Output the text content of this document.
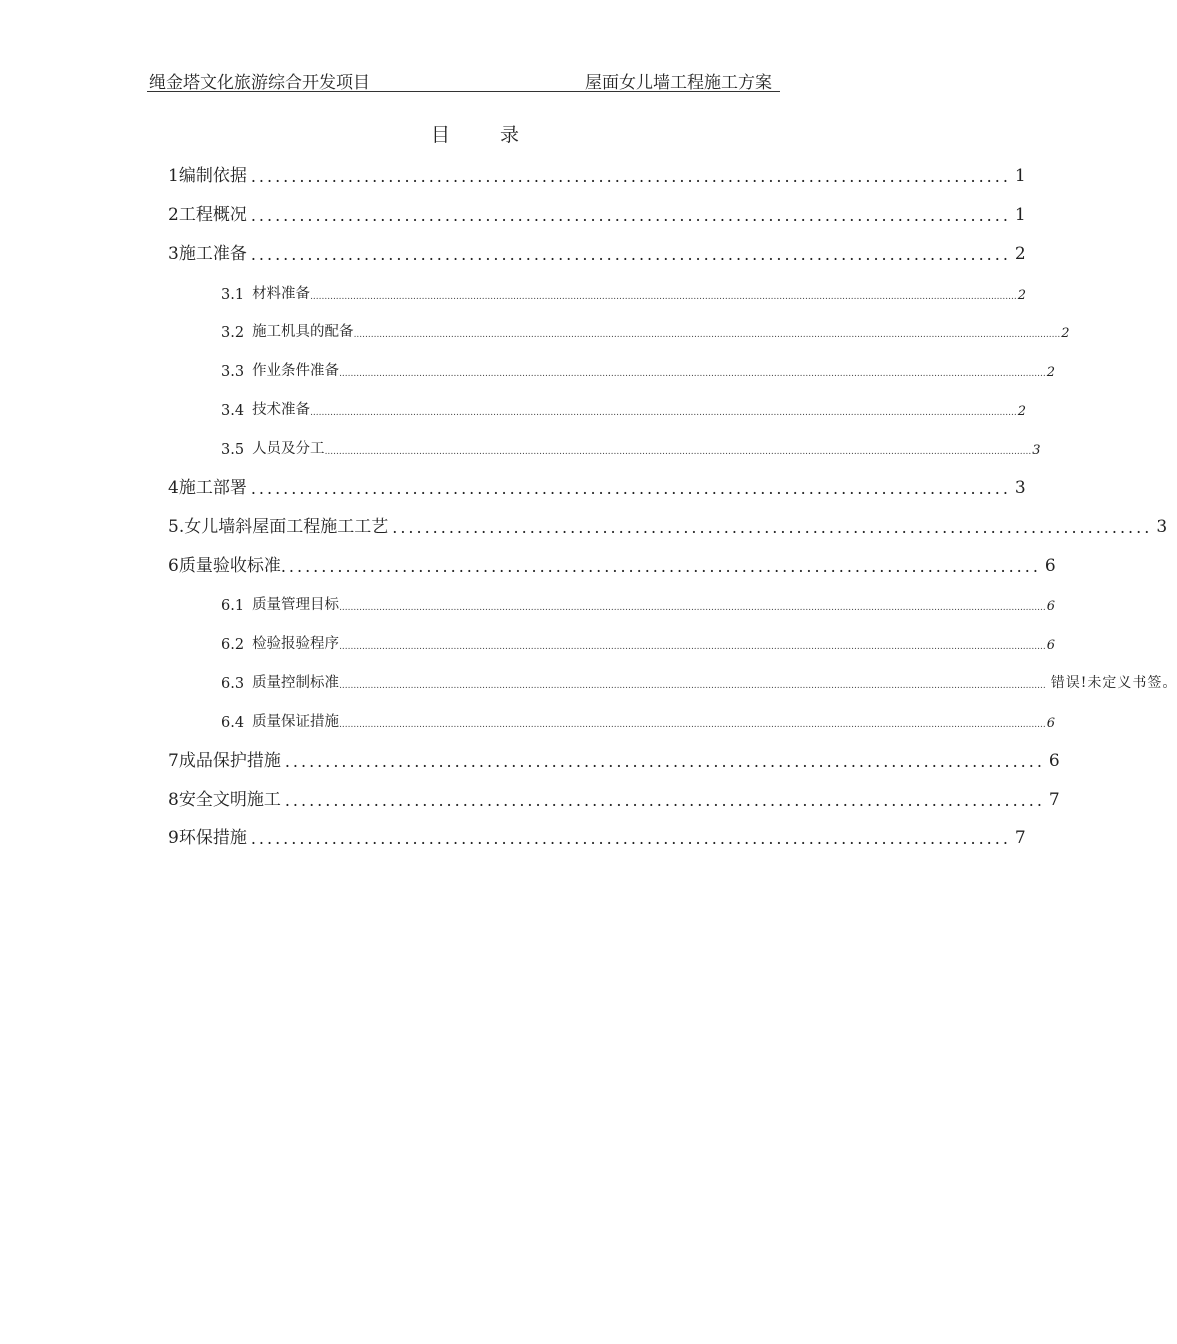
绳金塔文化旅游综合开发项目	屋面女儿墙工程施工方案
目 录
1 编制依据 .............................................................................................. 1
2 工程概况 .............................................................................................. 1
3 施工准备 .............................................................................................. 2
3.1 材料准备 ....................................................................................................................................................................................................................................................... 2
3.2 施工机具的配备 ....................................................................................................................................................................................................................................................... 2
3.3 作业条件准备 ....................................................................................................................................................................................................................................................... 2
3.4 技术准备 ....................................................................................................................................................................................................................................................... 2
3.5 人员及分工 ....................................................................................................................................................................................................................................................... 3
4 施工部署 .............................................................................................. 3
5. 女儿墙斜屋面工程施工工艺 .............................................................................................. 3
6 质量验收标准 .............................................................................................. 6
6.1 质量管理目标 ....................................................................................................................................................................................................................................................... 6
6.2 检验报验程序 ....................................................................................................................................................................................................................................................... 6
6.3 质量控制标准 ....................................................................................................................................................................................................................................................... 错误!未定义书签。
6.4 质量保证措施 ....................................................................................................................................................................................................................................................... 6
7 成品保护措施 .............................................................................................. 6
8 安全文明施工 .............................................................................................. 7
9 环保措施 .............................................................................................. 7
